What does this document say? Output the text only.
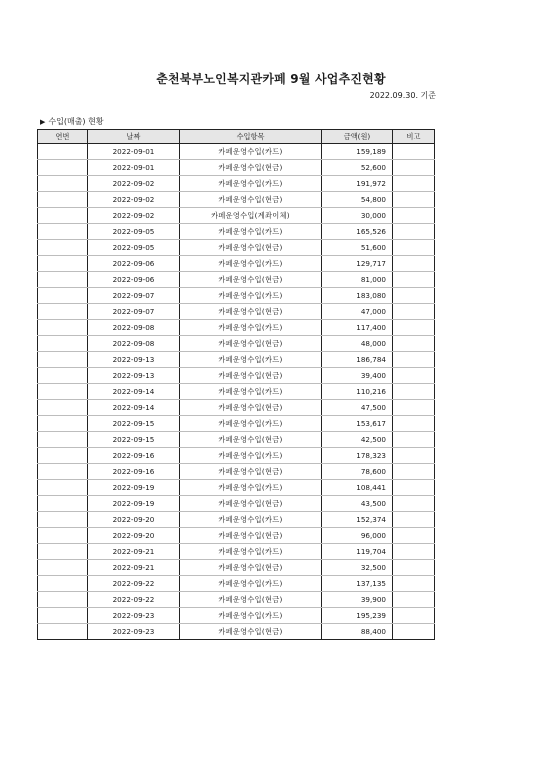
춘천북부노인복지관카페 9월 사업추진현황
2022.09.30. 기준
▶ 수입(매출) 현황
연번	날짜	수입항목	금액(원)	비고
	2022-09-01	카페운영수입(카드)	159,189	
	2022-09-01	카페운영수입(현금)	52,600	
	2022-09-02	카페운영수입(카드)	191,972	
	2022-09-02	카페운영수입(현금)	54,800	
	2022-09-02	카페운영수입(계좌이체)	30,000	
	2022-09-05	카페운영수입(카드)	165,526	
	2022-09-05	카페운영수입(현금)	51,600	
	2022-09-06	카페운영수입(카드)	129,717	
	2022-09-06	카페운영수입(현금)	81,000	
	2022-09-07	카페운영수입(카드)	183,080	
	2022-09-07	카페운영수입(현금)	47,000	
	2022-09-08	카페운영수입(카드)	117,400	
	2022-09-08	카페운영수입(현금)	48,000	
	2022-09-13	카페운영수입(카드)	186,784	
	2022-09-13	카페운영수입(현금)	39,400	
	2022-09-14	카페운영수입(카드)	110,216	
	2022-09-14	카페운영수입(현금)	47,500	
	2022-09-15	카페운영수입(카드)	153,617	
	2022-09-15	카페운영수입(현금)	42,500	
	2022-09-16	카페운영수입(카드)	178,323	
	2022-09-16	카페운영수입(현금)	78,600	
	2022-09-19	카페운영수입(카드)	108,441	
	2022-09-19	카페운영수입(현금)	43,500	
	2022-09-20	카페운영수입(카드)	152,374	
	2022-09-20	카페운영수입(현금)	96,000	
	2022-09-21	카페운영수입(카드)	119,704	
	2022-09-21	카페운영수입(현금)	32,500	
	2022-09-22	카페운영수입(카드)	137,135	
	2022-09-22	카페운영수입(현금)	39,900	
	2022-09-23	카페운영수입(카드)	195,239	
	2022-09-23	카페운영수입(현금)	88,400	
